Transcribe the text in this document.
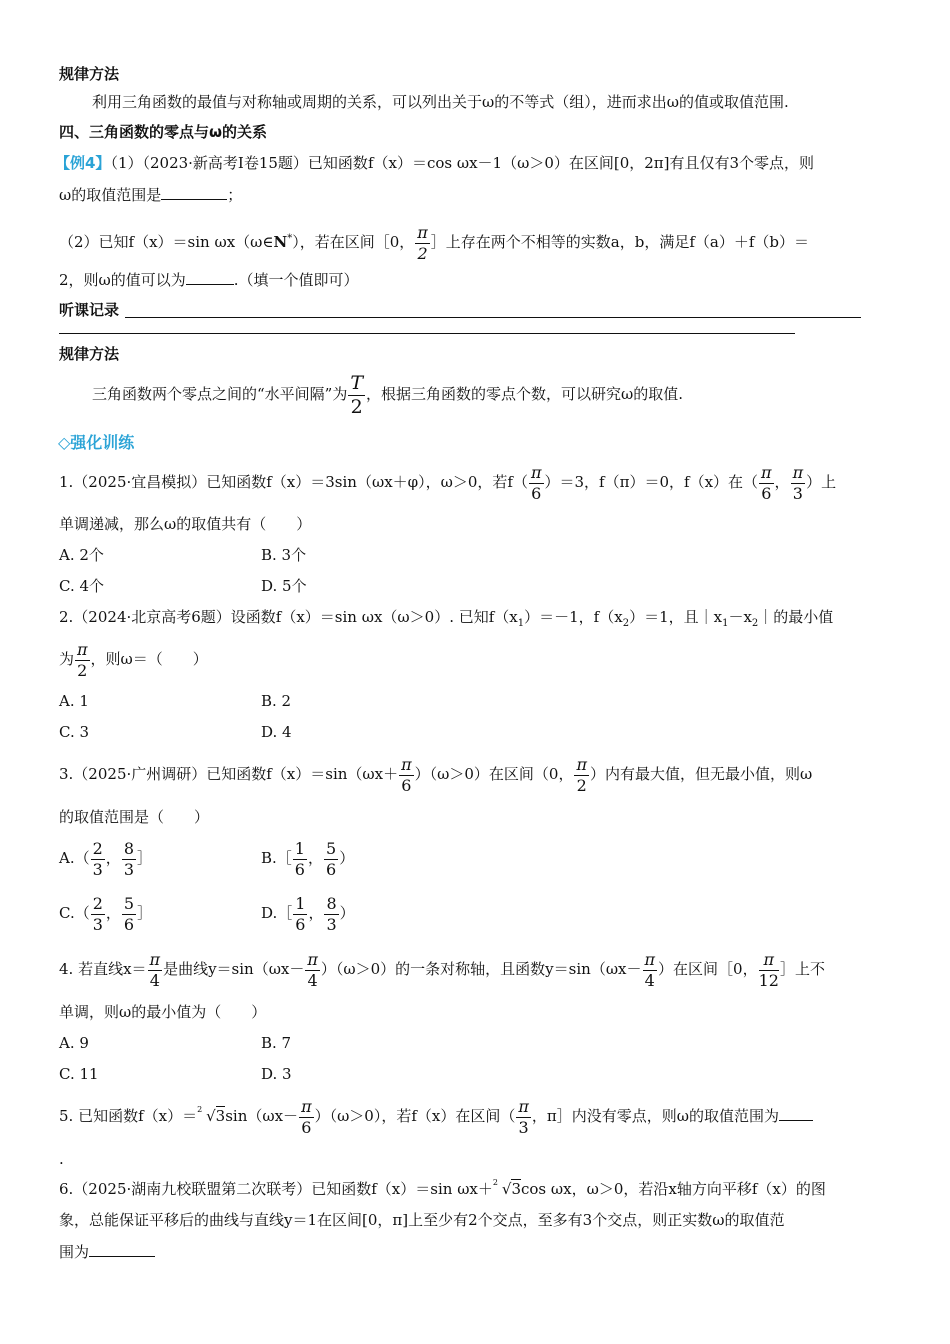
规律方法
利用三角函数的最值与对称轴或周期的关系，可以列出关于ω的不等式（组），进而求出ω的值或取值范围.
四、三角函数的零点与ω的关系
【例4】（1）（2023·新高考Ⅰ卷15题）已知函数f（x）＝cos ωx－1（ω＞0）在区间[0，2π]有且仅有3个零点，则
ω的取值范围是	；
（2）已知f（x）＝sin ωx（ω∈N*），若在区间［0， $\frac{\pi}{2}$ ］上存在两个不相等的实数a，b，满足f（a）＋f（b）＝
2，则ω的值可以为	.（填一个值即可）
听课记录
规律方法
三角函数两个零点之间的“水平间隔”为 $\frac{T}{2}$ ，根据三角函数的零点个数，可以研究ω的取值.
◇强化训练
1.（2025·宜昌模拟）已知函数f（x）＝3sin（ωx＋φ），ω＞0，若$f( \frac{\pi}{6} )=3$，f（π）＝0，f（x）在（ $\frac{\pi}{6}$ ， $\frac{\pi}{3}$ ）上
单调递减，那么ω的取值共有（　　）
A. 2个	B. 3个
C. 4个	D. 5个
2.（2024·北京高考6题）设函数f（x）＝sin ωx（ω＞0）. 已知$f(x_1)=-1$，$f(x_2)=1$，且$|x_1-x_2|$的最小值
为 $\frac{\pi}{2}$ ，则ω＝（　　）
A. 1	B. 2
C. 3	D. 4
3.（2025·广州调研）已知函数$f(x)=\sin(\omega x+ \frac{\pi}{6} )(\omega>0)$在区间（0， $\frac{\pi}{2}$ ）内有最大值，但无最小值，则ω
的取值范围是（　　）
$A.( \frac{2}{3}$ ， $\frac{8}{3}$ ］	B.［ $\frac{1}{6}$ ， $\frac{5}{6}$ ）
$C.( \frac{2}{3}$ ， $\frac{5}{6}$ ］	D.［ $\frac{1}{6}$ ， $\frac{8}{3}$ ）
4. 若直线$x= \frac{\pi}{4}$ 是曲线$y=\sin(\omega x- \frac{\pi}{4} )(\omega>0)$的一条对称轴，且函数$y=\sin(\omega x- \frac{\pi}{4}$ ）在区间［0， $\frac{\pi}{12}$ ］上不
单调，则ω的最小值为（　　）
A. 9	B. 7
C. 11	D. 3
5. 已知函数f（x）＝ 2 $√3\sin(\omega x- \frac{\pi}{6} )(\omega>0)$，若f（x）在区间（ $\frac{\pi}{3}$ ，π］内没有零点，则ω的取值范围为
.
6.（2025·湖南九校联盟第二次联考）已知函数f（x）＝sin ωx＋ 2 √3cos ωx，ω＞0，若沿x轴方向平移f（x）的图
象，总能保证平移后的曲线与直线y＝1在区间[0，π]上至少有2个交点，至多有3个交点，则正实数ω的取值范
围为
